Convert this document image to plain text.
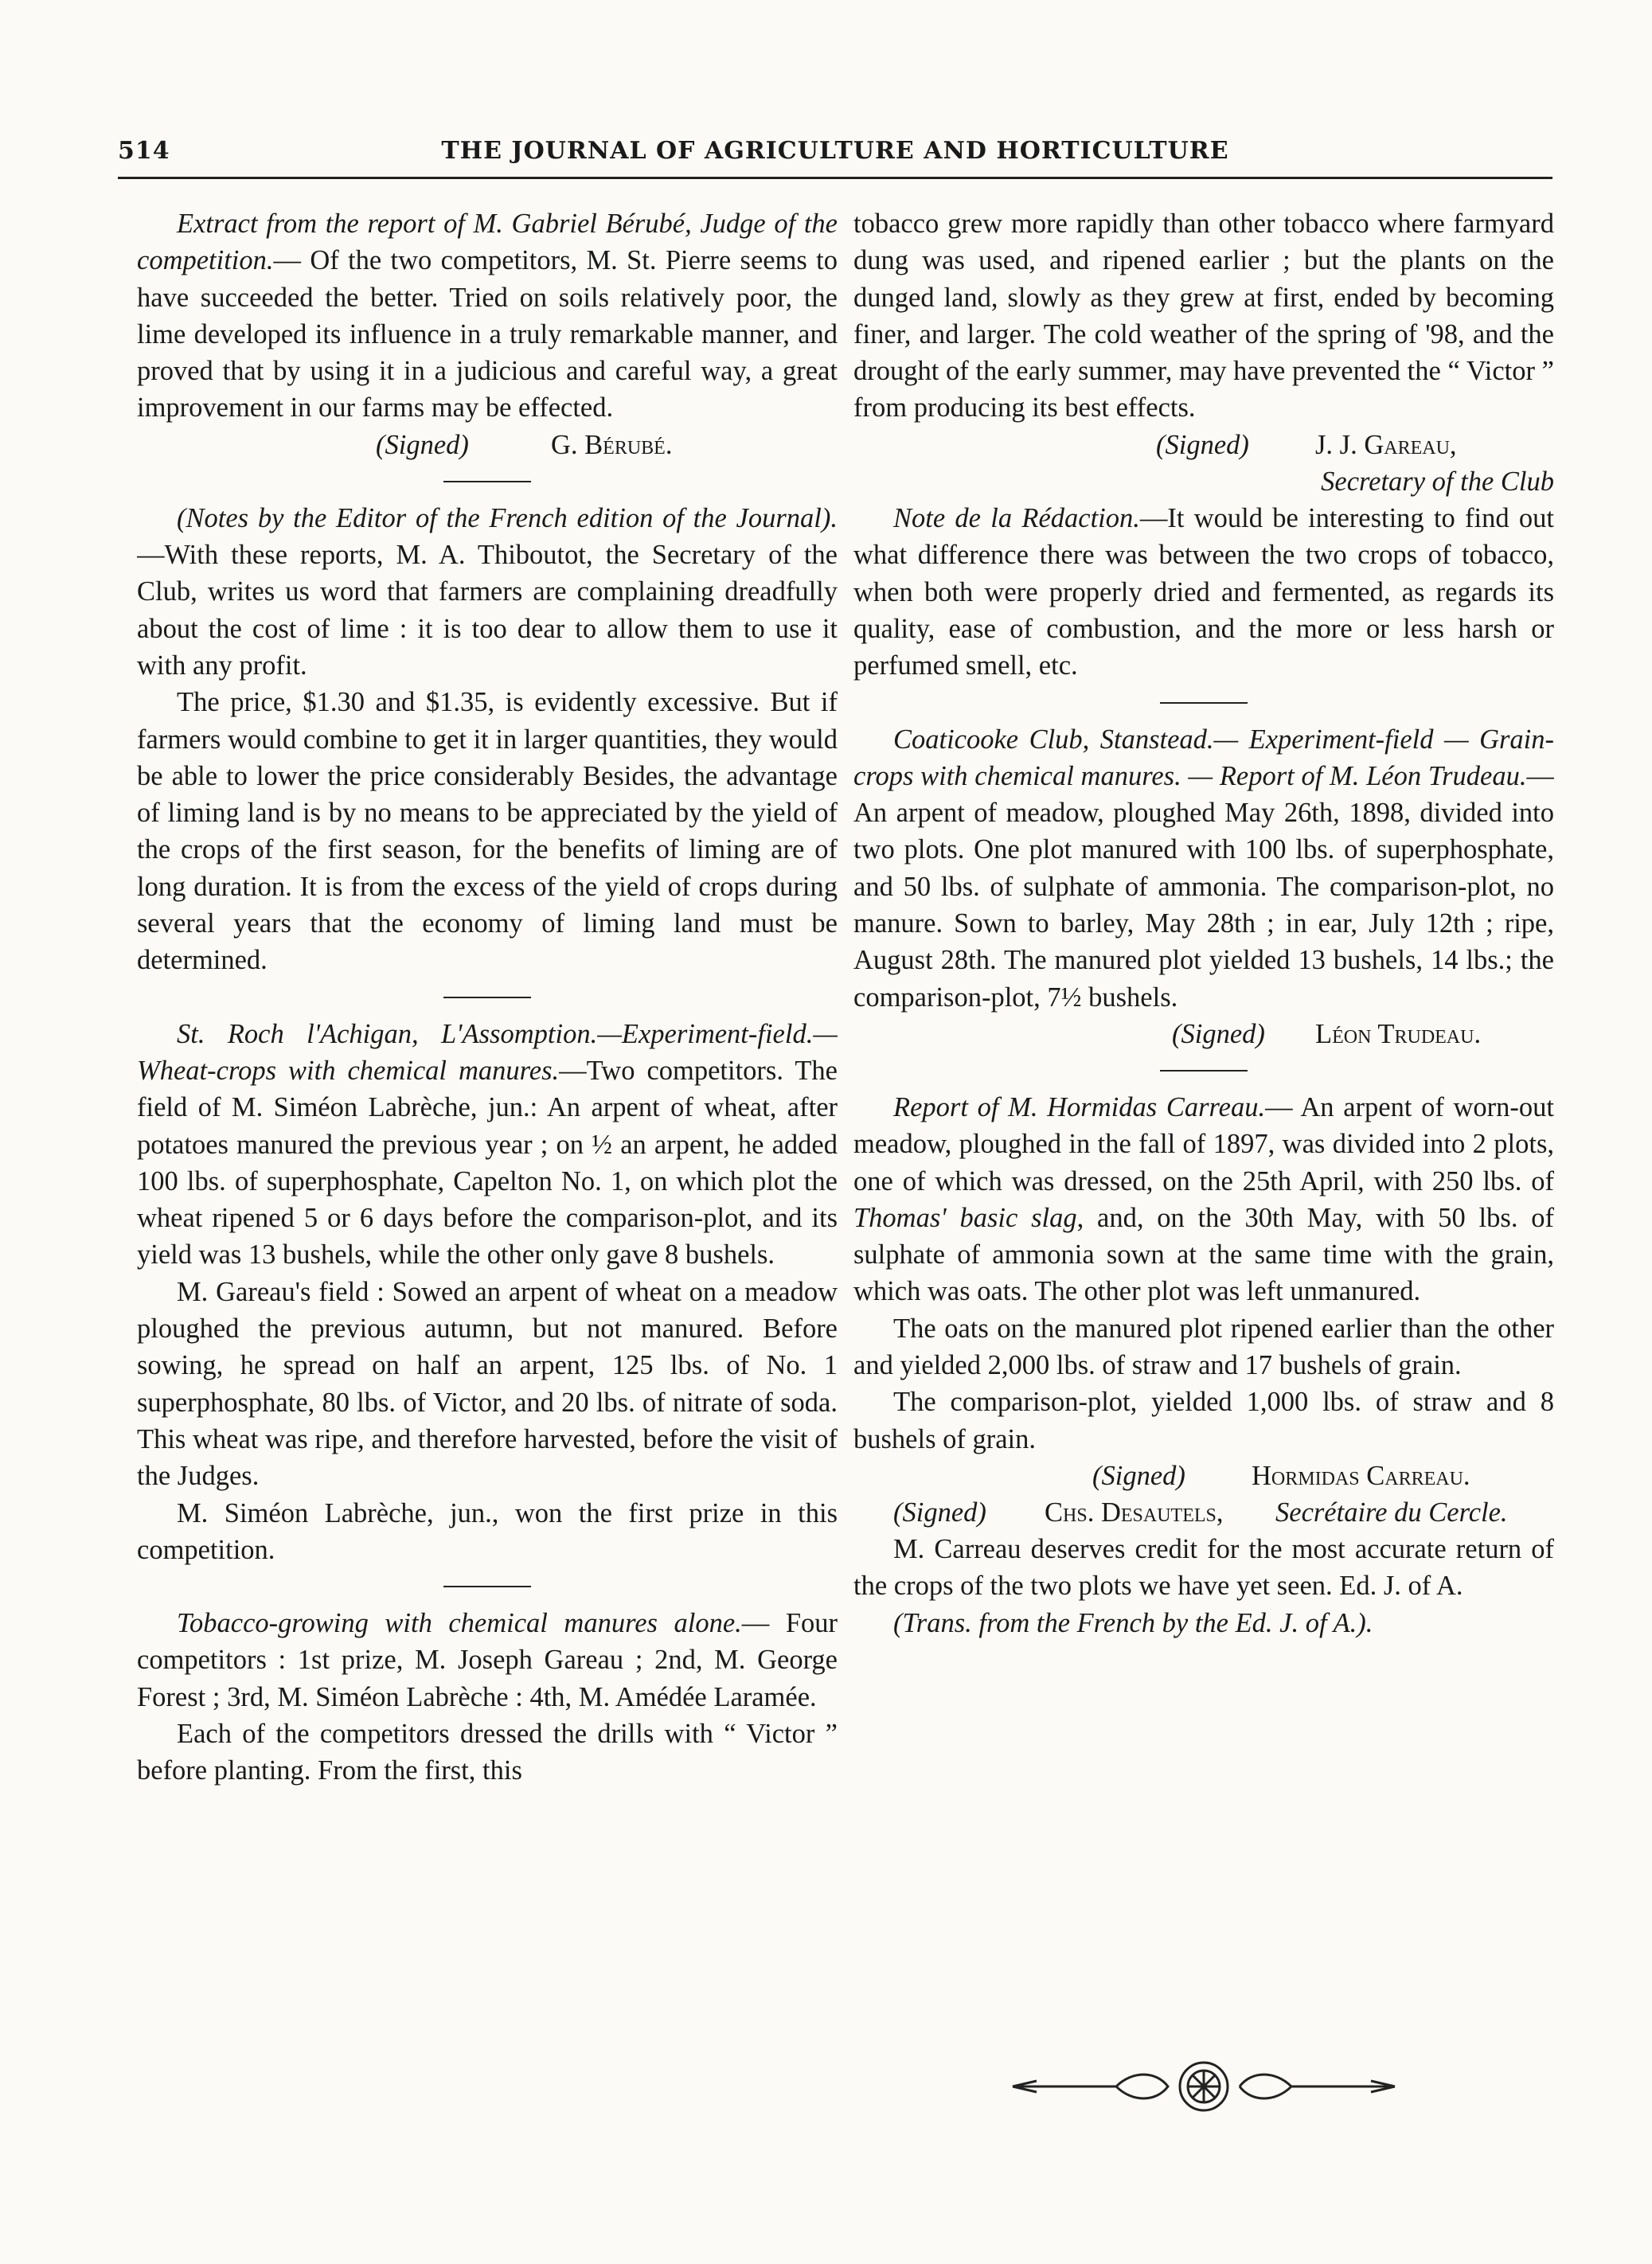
514	THE JOURNAL OF AGRICULTURE AND HORTICULTURE

Extract from the report of M. Gabriel Bérubé, Judge of the competition.— Of the two competitors, M. St. Pierre seems to have succeeded the better. Tried on soils relatively poor, the lime developed its influence in a truly remarkable manner, and proved that by using it in a judicious and careful way, a great improvement in our farms may be effected.

(Signed)	G. Bérubé.

(Notes by the Editor of the French edition of the Journal).—With these reports, M. A. Thiboutot, the Secretary of the Club, writes us word that farmers are complaining dreadfully about the cost of lime : it is too dear to allow them to use it with any profit.

The price, $1.30 and $1.35, is evidently excessive. But if farmers would combine to get it in larger quantities, they would be able to lower the price considerably Besides, the advantage of liming land is by no means to be appreciated by the yield of the crops of the first season, for the benefits of liming are of long duration. It is from the excess of the yield of crops during several years that the economy of liming land must be determined.

St. Roch l'Achigan, L'Assomption.—Experiment-field.—Wheat-crops with chemical manures.—Two competitors. The field of M. Siméon Labrèche, jun.: An arpent of wheat, after potatoes manured the previous year ; on ½ an arpent, he added 100 lbs. of superphosphate, Capelton No. 1, on which plot the wheat ripened 5 or 6 days before the comparison-plot, and its yield was 13 bushels, while the other only gave 8 bushels.

M. Gareau's field : Sowed an arpent of wheat on a meadow ploughed the previous autumn, but not manured. Before sowing, he spread on half an arpent, 125 lbs. of No. 1 superphosphate, 80 lbs. of Victor, and 20 lbs. of nitrate of soda. This wheat was ripe, and therefore harvested, before the visit of the Judges.

M. Siméon Labrèche, jun., won the first prize in this competition.

Tobacco-growing with chemical manures alone.— Four competitors : 1st prize, M. Joseph Gareau ; 2nd, M. George Forest ; 3rd, M. Siméon Labrèche : 4th, M. Amédée Laramée.

Each of the competitors dressed the drills with “ Victor ” before planting. From the first, this

tobacco grew more rapidly than other tobacco where farmyard dung was used, and ripened earlier ; but the plants on the dunged land, slowly as they grew at first, ended by becoming finer, and larger. The cold weather of the spring of '98, and the drought of the early summer, may have prevented the “ Victor ” from producing its best effects.

(Signed) J. J. Gareau,
Secretary of the Club

Note de la Rédaction.—It would be interesting to find out what difference there was between the two crops of tobacco, when both were properly dried and fermented, as regards its quality, ease of combustion, and the more or less harsh or perfumed smell, etc.

Coaticooke Club, Stanstead.— Experiment-field — Grain-crops with chemical manures. — Report of M. Léon Trudeau.—An arpent of meadow, ploughed May 26th, 1898, divided into two plots. One plot manured with 100 lbs. of superphosphate, and 50 lbs. of sulphate of ammonia. The comparison-plot, no manure. Sown to barley, May 28th ; in ear, July 12th ; ripe, August 28th. The manured plot yielded 13 bushels, 14 lbs.; the comparison-plot, 7½ bushels.

(Signed) Léon Trudeau.

Report of M. Hormidas Carreau.— An arpent of worn-out meadow, ploughed in the fall of 1897, was divided into 2 plots, one of which was dressed, on the 25th April, with 250 lbs. of Thomas' basic slag, and, on the 30th May, with 50 lbs. of sulphate of ammonia sown at the same time with the grain, which was oats. The other plot was left unmanured.

The oats on the manured plot ripened earlier than the other and yielded 2,000 lbs. of straw and 17 bushels of grain.

The comparison-plot, yielded 1,000 lbs. of straw and 8 bushels of grain.

(Signed) Hormidas Carreau.
(Signed) Chs. Desautels, Secrétaire du Cercle.

M. Carreau deserves credit for the most accurate return of the crops of the two plots we have yet seen. Ed. J. of A.

(Trans. from the French by the Ed. J. of A.).
